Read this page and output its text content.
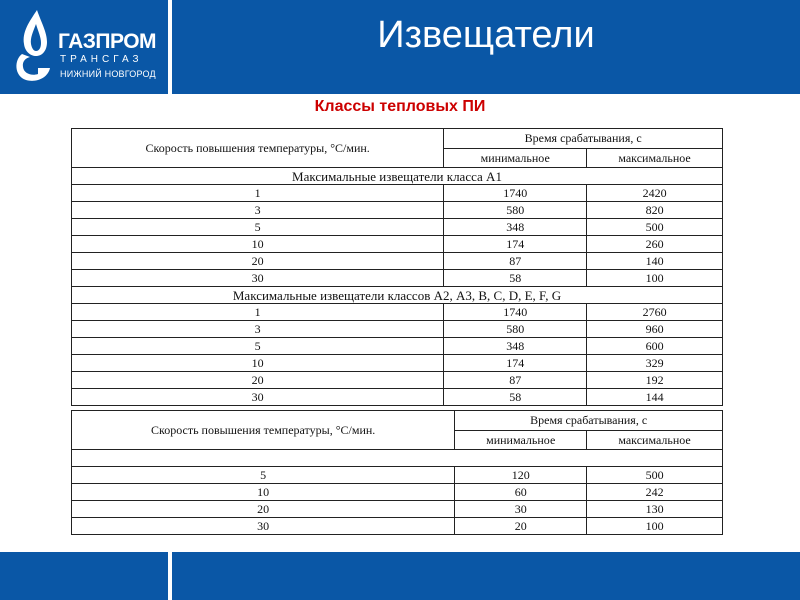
ГАЗПРОМ
ТРАНСГАЗ
НИЖНИЙ НОВГОРОД
Извещатели
Классы тепловых ПИ
Скорость повышения температуры, °С/мин.	Время срабатывания, с	
	минимальное	максимальное
Максимальные извещатели класса А1		
1	1740	2420
3	580	820
5	348	500
10	174	260
20	87	140
30	58	100
Максимальные извещатели классов А2, А3, B, C, D, E, F, G		
1	1740	2760
3	580	960
5	348	600
10	174	329
20	87	192
30	58	144
Скорость повышения температуры, °С/мин.	Время срабатывания, с	
	минимальное	максимальное

5	120	500
10	60	242
20	30	130
30	20	100
